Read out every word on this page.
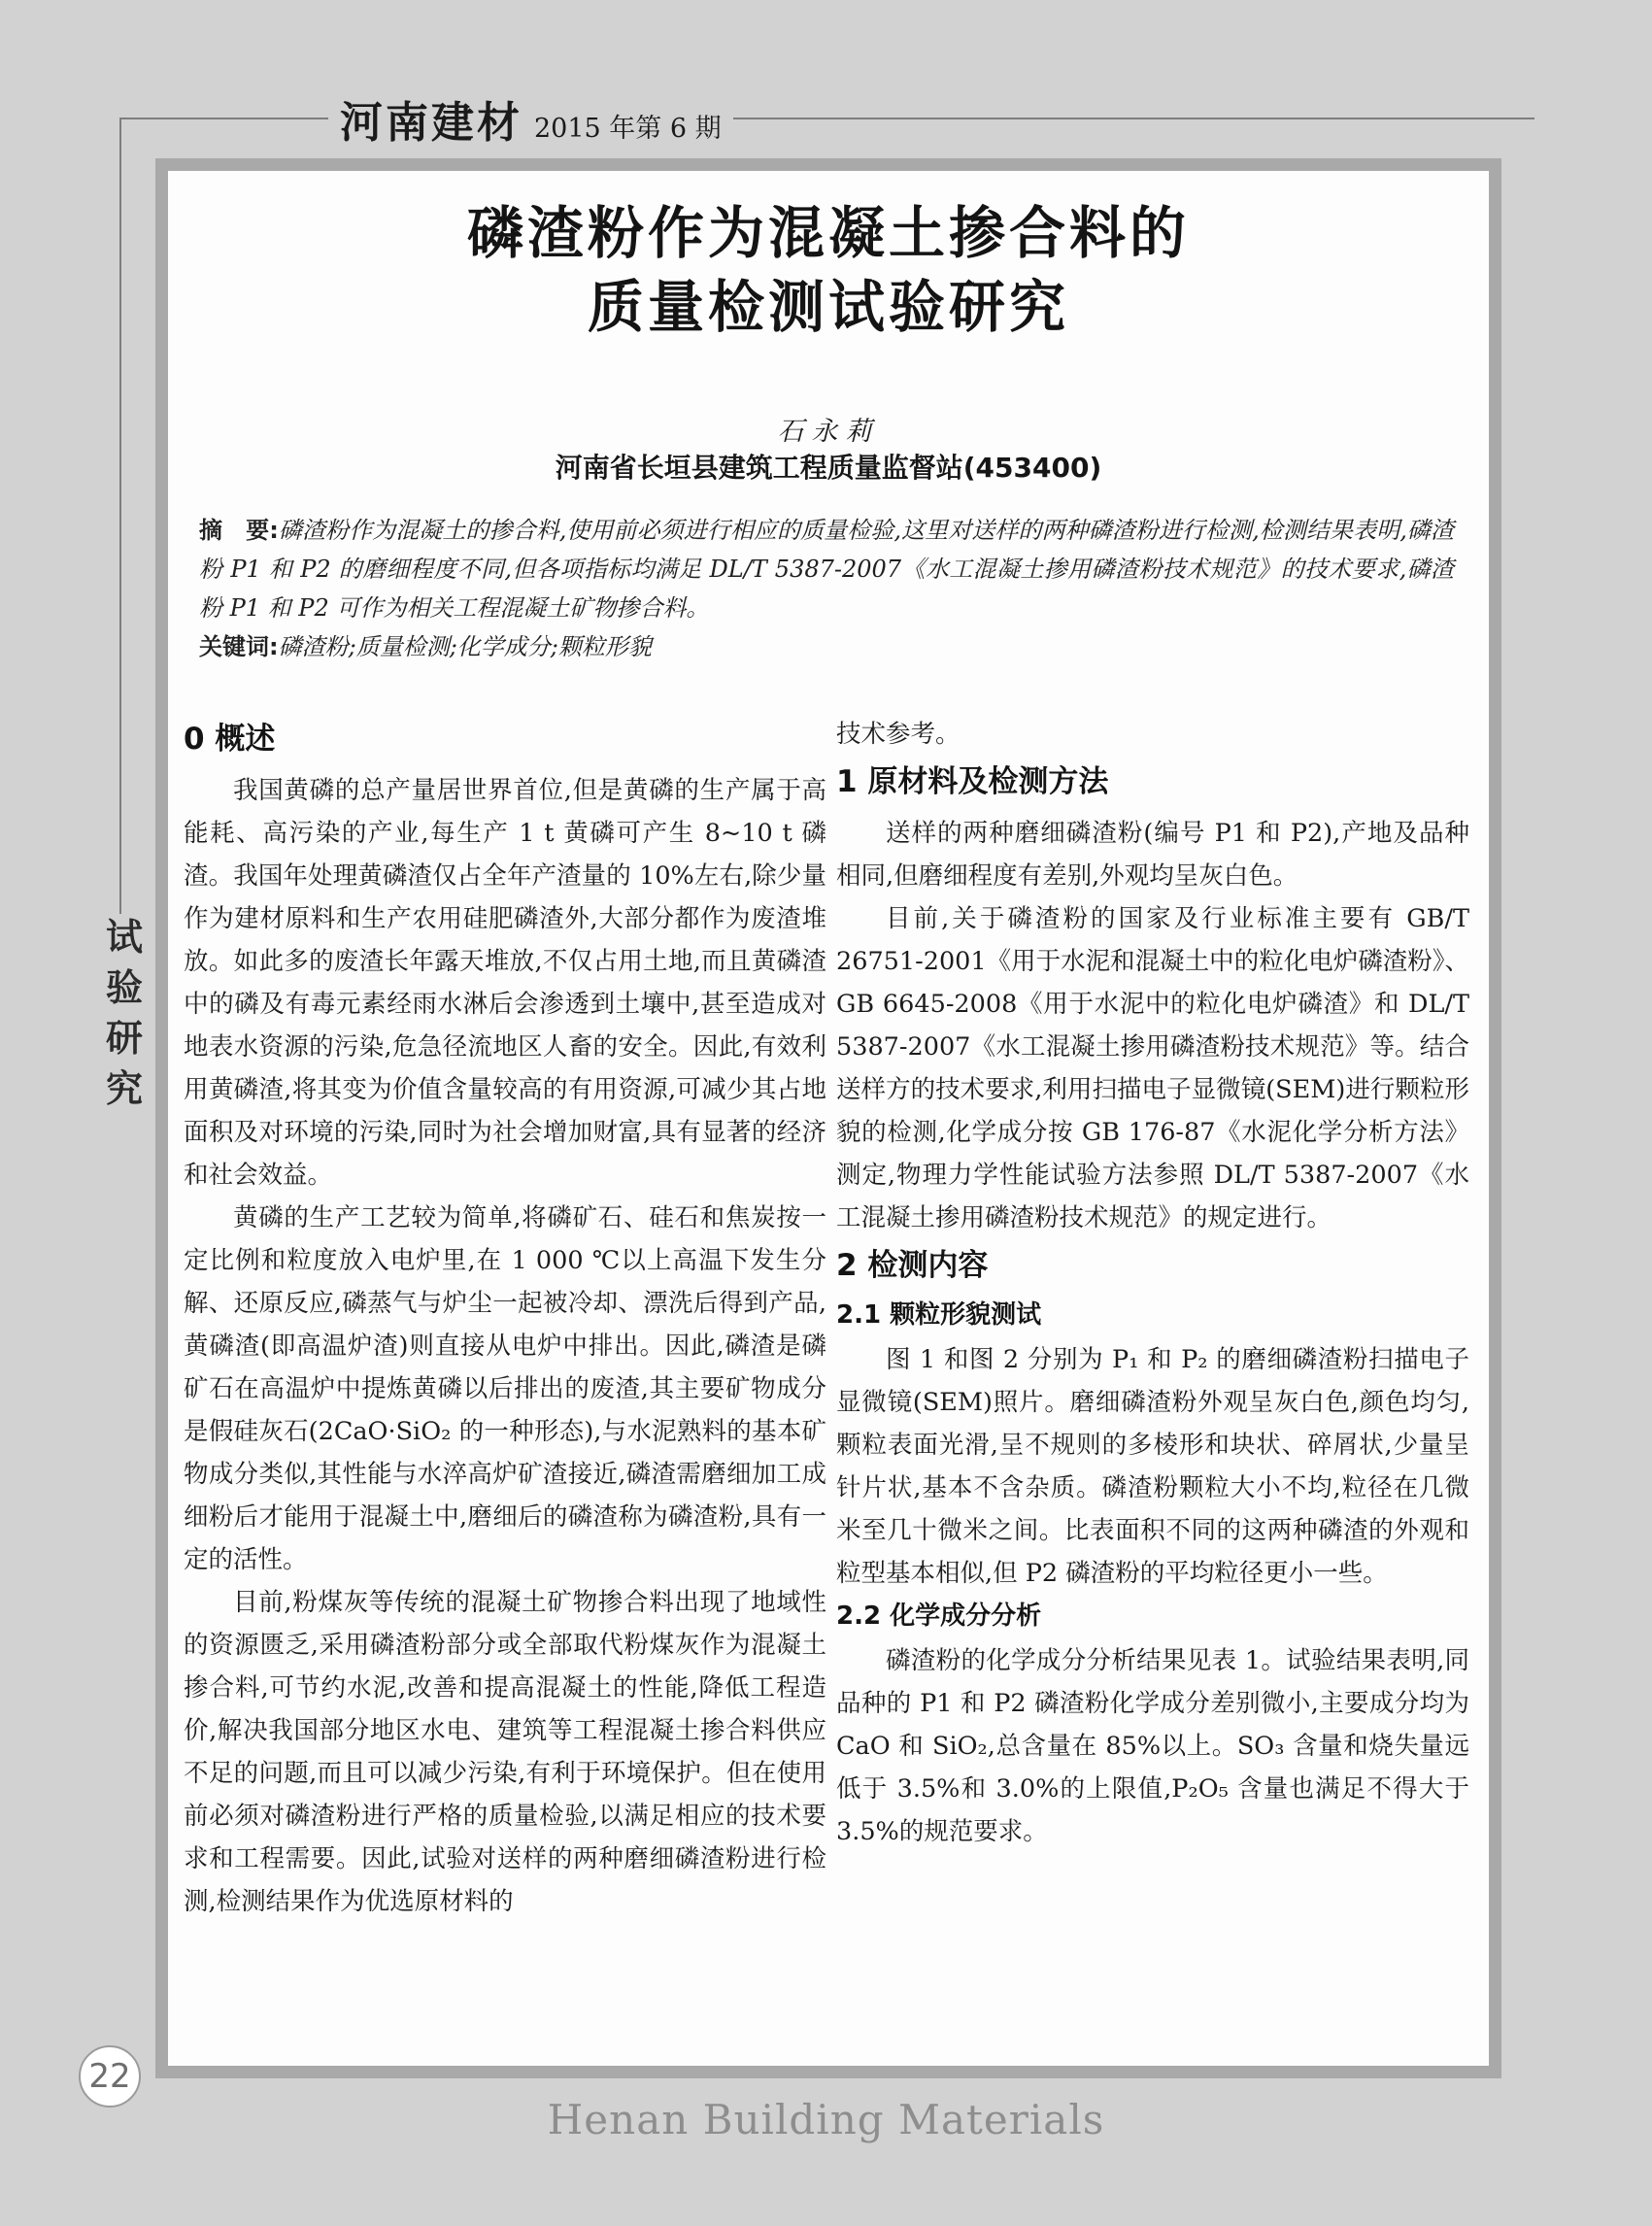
河南建材 2015 年第 6 期
试
验
研
究
磷渣粉作为混凝土掺合料的
质量检测试验研究
石永莉
河南省长垣县建筑工程质量监督站(453400)

摘　要:磷渣粉作为混凝土的掺合料,使用前必须进行相应的质量检验,这里对送样的两种磷渣粉进行检测,检测结果表明,磷渣粉 P1 和 P2 的磨细程度不同,但各项指标均满足 DL/T 5387-2007《水工混凝土掺用磷渣粉技术规范》的技术要求,磷渣粉 P1 和 P2 可作为相关工程混凝土矿物掺合料。

关键词:磷渣粉;质量检测;化学成分;颗粒形貌

0 概述

我国黄磷的总产量居世界首位,但是黄磷的生产属于高能耗、高污染的产业,每生产 1 t 黄磷可产生 8~10 t 磷渣。我国年处理黄磷渣仅占全年产渣量的 10%左右,除少量作为建材原料和生产农用硅肥磷渣外,大部分都作为废渣堆放。如此多的废渣长年露天堆放,不仅占用土地,而且黄磷渣中的磷及有毒元素经雨水淋后会渗透到土壤中,甚至造成对地表水资源的污染,危急径流地区人畜的安全。因此,有效利用黄磷渣,将其变为价值含量较高的有用资源,可减少其占地面积及对环境的污染,同时为社会增加财富,具有显著的经济和社会效益。

黄磷的生产工艺较为简单,将磷矿石、硅石和焦炭按一定比例和粒度放入电炉里,在 1 000 ℃以上高温下发生分解、还原反应,磷蒸气与炉尘一起被冷却、漂洗后得到产品,黄磷渣(即高温炉渣)则直接从电炉中排出。因此,磷渣是磷矿石在高温炉中提炼黄磷以后排出的废渣,其主要矿物成分是假硅灰石(2CaO·SiO₂ 的一种形态),与水泥熟料的基本矿物成分类似,其性能与水淬高炉矿渣接近,磷渣需磨细加工成细粉后才能用于混凝土中,磨细后的磷渣称为磷渣粉,具有一定的活性。

目前,粉煤灰等传统的混凝土矿物掺合料出现了地域性的资源匮乏,采用磷渣粉部分或全部取代粉煤灰作为混凝土掺合料,可节约水泥,改善和提高混凝土的性能,降低工程造价,解决我国部分地区水电、建筑等工程混凝土掺合料供应不足的问题,而且可以减少污染,有利于环境保护。但在使用前必须对磷渣粉进行严格的质量检验,以满足相应的技术要求和工程需要。因此,试验对送样的两种磨细磷渣粉进行检测,检测结果作为优选原材料的

技术参考。

1 原材料及检测方法

送样的两种磨细磷渣粉(编号 P1 和 P2),产地及品种相同,但磨细程度有差别,外观均呈灰白色。

目前,关于磷渣粉的国家及行业标准主要有 GB/T 26751-2001《用于水泥和混凝土中的粒化电炉磷渣粉》、GB 6645-2008《用于水泥中的粒化电炉磷渣》和 DL/T 5387-2007《水工混凝土掺用磷渣粉技术规范》等。结合送样方的技术要求,利用扫描电子显微镜(SEM)进行颗粒形貌的检测,化学成分按 GB 176-87《水泥化学分析方法》测定,物理力学性能试验方法参照 DL/T 5387-2007《水工混凝土掺用磷渣粉技术规范》的规定进行。

2 检测内容
2.1 颗粒形貌测试

图 1 和图 2 分别为 P₁ 和 P₂ 的磨细磷渣粉扫描电子显微镜(SEM)照片。磨细磷渣粉外观呈灰白色,颜色均匀,颗粒表面光滑,呈不规则的多棱形和块状、碎屑状,少量呈针片状,基本不含杂质。磷渣粉颗粒大小不均,粒径在几微米至几十微米之间。比表面积不同的这两种磷渣的外观和粒型基本相似,但 P2 磷渣粉的平均粒径更小一些。

2.2 化学成分分析

磷渣粉的化学成分分析结果见表 1。试验结果表明,同品种的 P1 和 P2 磷渣粉化学成分差别微小,主要成分均为 CaO 和 SiO₂,总含量在 85%以上。SO₃ 含量和烧失量远低于 3.5%和 3.0%的上限值,P₂O₅ 含量也满足不得大于 3.5%的规范要求。

22
Henan Building Materials
